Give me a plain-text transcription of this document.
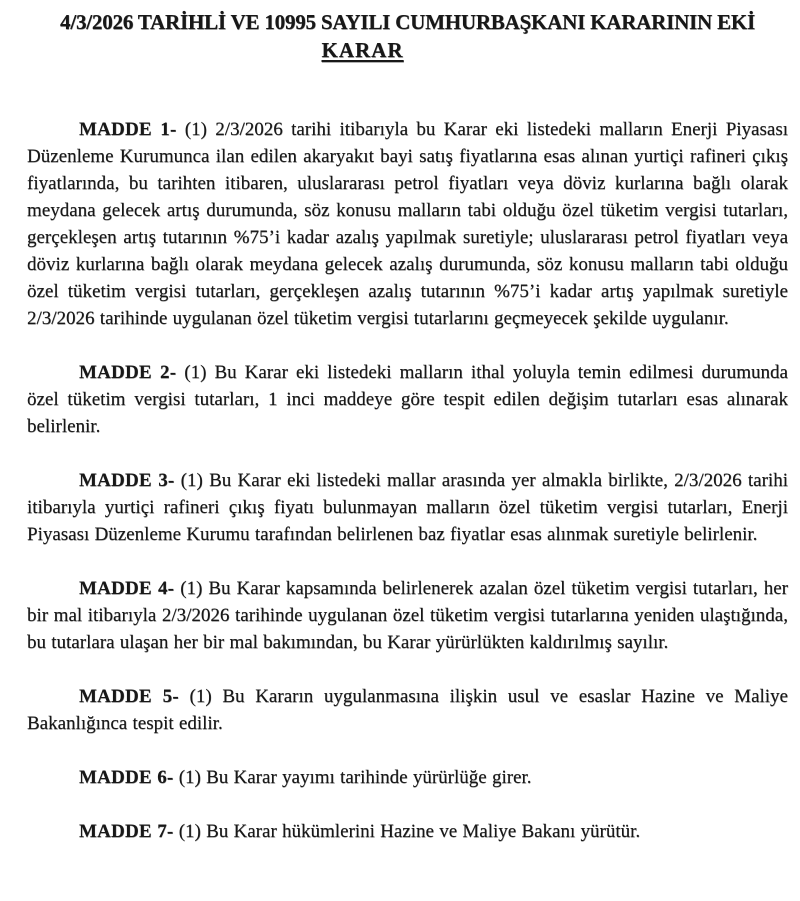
4/3/2026 TARİHLİ VE 10995 SAYILI CUMHURBAŞKANI KARARININ EKİ
KARAR

MADDE 1- (1) 2/3/2026 tarihi itibarıyla bu Karar eki listedeki malların Enerji Piyasası Düzenleme Kurumunca ilan edilen akaryakıt bayi satış fiyatlarına esas alınan yurtiçi rafineri çıkış fiyatlarında, bu tarihten itibaren, uluslararası petrol fiyatları veya döviz kurlarına bağlı olarak meydana gelecek artış durumunda, söz konusu malların tabi olduğu özel tüketim vergisi tutarları, gerçekleşen artış tutarının %75’i kadar azalış yapılmak suretiyle; uluslararası petrol fiyatları veya döviz kurlarına bağlı olarak meydana gelecek azalış durumunda, söz konusu malların tabi olduğu özel tüketim vergisi tutarları, gerçekleşen azalış tutarının %75’i kadar artış yapılmak suretiyle 2/3/2026 tarihinde uygulanan özel tüketim vergisi tutarlarını geçmeyecek şekilde uygulanır.

MADDE 2- (1) Bu Karar eki listedeki malların ithal yoluyla temin edilmesi durumunda özel tüketim vergisi tutarları, 1 inci maddeye göre tespit edilen değişim tutarları esas alınarak belirlenir.

MADDE 3- (1) Bu Karar eki listedeki mallar arasında yer almakla birlikte, 2/3/2026 tarihi itibarıyla yurtiçi rafineri çıkış fiyatı bulunmayan malların özel tüketim vergisi tutarları, Enerji Piyasası Düzenleme Kurumu tarafından belirlenen baz fiyatlar esas alınmak suretiyle belirlenir.

MADDE 4- (1) Bu Karar kapsamında belirlenerek azalan özel tüketim vergisi tutarları, her bir mal itibarıyla 2/3/2026 tarihinde uygulanan özel tüketim vergisi tutarlarına yeniden ulaştığında, bu tutarlara ulaşan her bir mal bakımından, bu Karar yürürlükten kaldırılmış sayılır.

MADDE 5- (1) Bu Kararın uygulanmasına ilişkin usul ve esaslar Hazine ve Maliye Bakanlığınca tespit edilir.

MADDE 6- (1) Bu Karar yayımı tarihinde yürürlüğe girer.

MADDE 7- (1) Bu Karar hükümlerini Hazine ve Maliye Bakanı yürütür.
